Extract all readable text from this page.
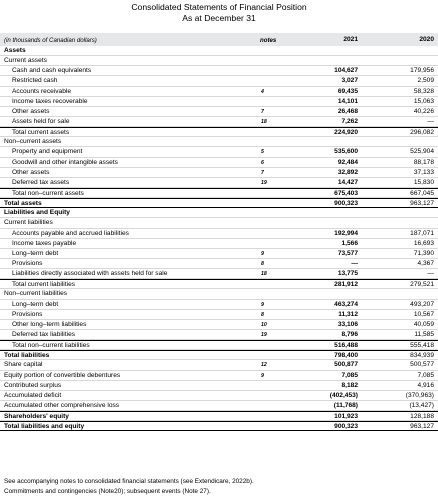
Consolidated Statements of Financial Position
As at December 31
(in thousands of Canadian dollars)	notes	2021	2020
Assets
Current assets
Cash and cash equivalents	104,627	179,956
Restricted cash	3,027	2,509
Accounts receivable	4	69,435	58,328
Income taxes recoverable	14,101	15,063
Other assets	7	26,468	40,226
Assets held for sale	18	7,262	—
Total current assets	224,920	296,082
Non–current assets
Property and equipment	5	535,600	525,904
Goodwill and other intangible assets	6	92,484	88,178
Other assets	7	32,892	37,133
Deferred tax assets	19	14,427	15,830
Total non–current assets	675,403	667,045
Total assets	900,323	963,127
Liabilities and Equity
Current liabilities
Accounts payable and accrued liabilities	192,994	187,071
Income taxes payable	1,566	16,693
Long–term debt	9	73,577	71,390
Provisions	8	—	4,367
Liabilities directly associated with assets held for sale	18	13,775	—
Total current liabilities	281,912	279,521
Non–current liabilities
Long–term debt	9	463,274	493,207
Provisions	8	11,312	10,567
Other long–term liabilities	10	33,106	40,059
Deferred tax liabilities	19	8,796	11,585
Total non–current liabilities	516,488	555,418
Total liabilities	798,400	834,939
Share capital	12	500,877	500,577
Equity portion of convertible debentures	9	7,085	7,085
Contributed surplus	8,182	4,916
Accumulated deficit	(402,453)	(370,963)
Accumulated other comprehensive loss	(11,768)	(13,427)
Shareholders' equity	101,923	128,188
Total liabilities and equity	900,323	963,127
See accompanying notes to consolidated financial statements (see Extendicare, 2022b).
Commitments and contingencies (Note20); subsequent events (Note 27).
